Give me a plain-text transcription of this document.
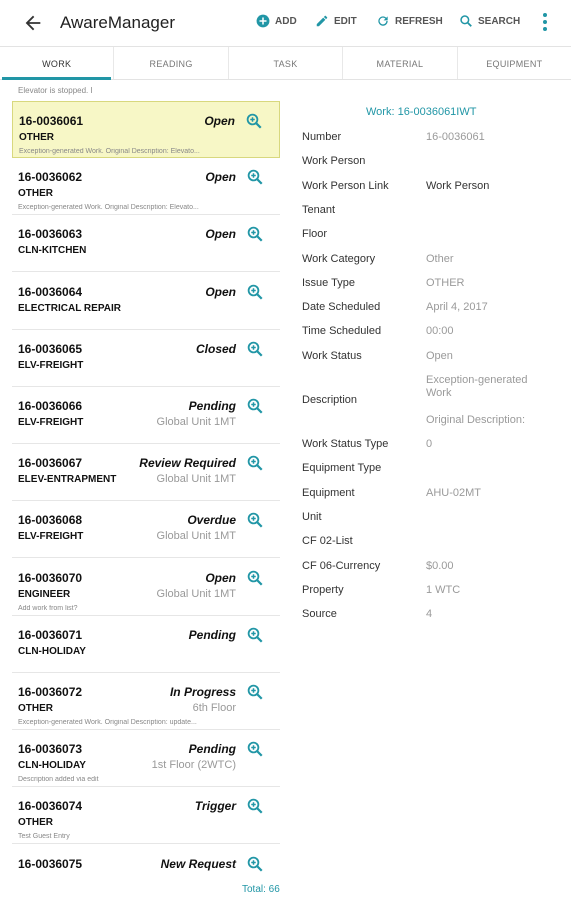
AwareManager	ADD	EDIT	REFRESH	SEARCH
WORK	READING	TASK	MATERIAL	EQUIPMENT
Elevator is stopped. I
16-0036061	Open
OTHER
Exception-generated Work. Original Description: Elevato...
16-0036062	Open
OTHER
Exception-generated Work. Original Description: Elevato...
16-0036063	Open
CLN-KITCHEN
16-0036064	Open
ELECTRICAL REPAIR
16-0036065	Closed
ELV-FREIGHT
16-0036066	Pending
ELV-FREIGHT	Global Unit 1MT
16-0036067	Review Required
ELEV-ENTRAPMENT	Global Unit 1MT
16-0036068	Overdue
ELV-FREIGHT	Global Unit 1MT
16-0036070	Open
ENGINEER	Global Unit 1MT
Add work from list?
16-0036071	Pending
CLN-HOLIDAY
16-0036072	In Progress
OTHER	6th Floor
Exception-generated Work. Original Description: update...
16-0036073	Pending
CLN-HOLIDAY	1st Floor (2WTC)
Description added via edit
16-0036074	Trigger
OTHER
Test Guest Entry
16-0036075	New Request
Total: 66
Work: 16-0036061IWT
Number	16-0036061
Work Person
Work Person Link	Work Person
Tenant
Floor
Work Category	Other
Issue Type	OTHER
Date Scheduled	April 4, 2017
Time Scheduled	00:00
Work Status	Open
Description
Exception-generated Work
Original Description:
Work Status Type	0
Equipment Type
Equipment	AHU-02MT
Unit
CF 02-List
CF 06-Currency	$0.00
Property	1 WTC
Source	4
